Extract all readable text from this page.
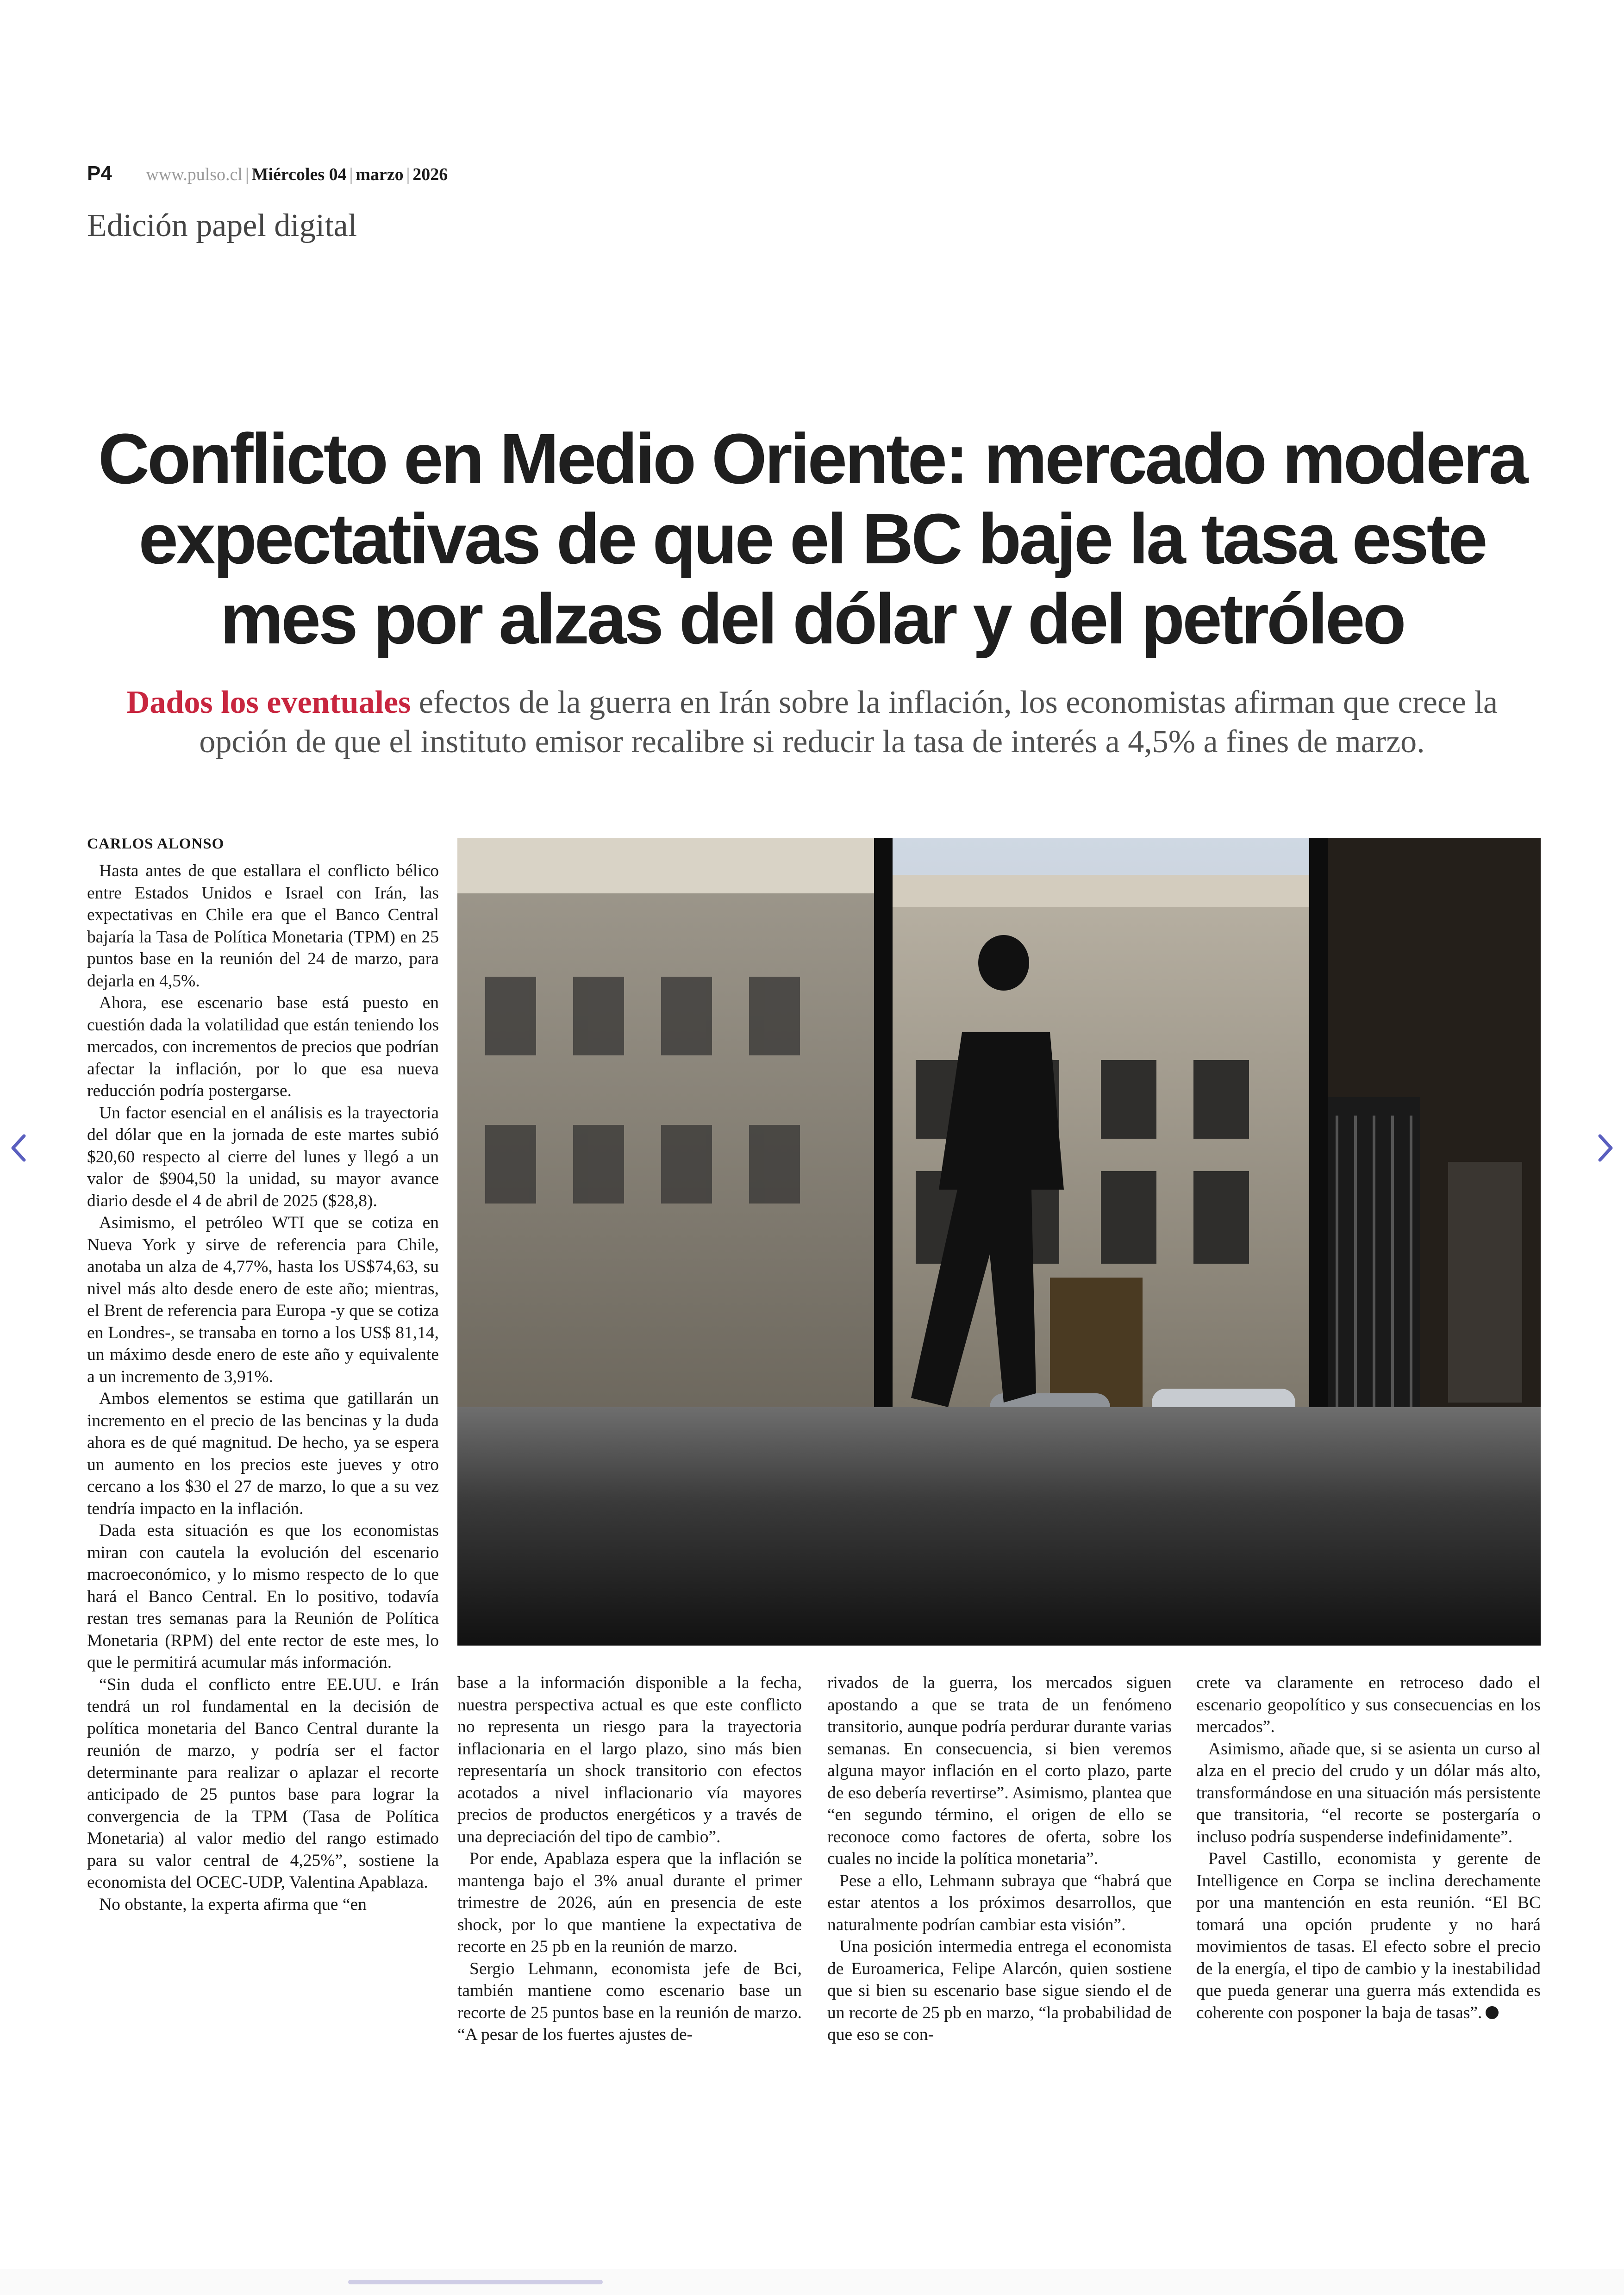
P4 www.pulso.cl | Miércoles 04 | marzo | 2026
Edición papel digital
Conflicto en Medio Oriente: mercado modera
expectativas de que el BC baje la tasa este
mes por alzas del dólar y del petróleo
Dados los eventuales efectos de la guerra en Irán sobre la inflación, los economistas afirman que crece la opción de que el instituto emisor recalibre si reducir la tasa de interés a 4,5% a fines de marzo.
CARLOS ALONSO

Hasta antes de que estallara el conflicto bélico entre Estados Unidos e Israel con Irán, las expectativas en Chile era que el Banco Central bajaría la Tasa de Política Monetaria (TPM) en 25 puntos base en la reunión del 24 de marzo, para dejarla en 4,5%.

Ahora, ese escenario base está puesto en cuestión dada la volatilidad que están teniendo los mercados, con incrementos de precios que podrían afectar la inflación, por lo que esa nueva reducción podría postergarse.

Un factor esencial en el análisis es la trayectoria del dólar que en la jornada de este martes subió $20,60 respecto al cierre del lunes y llegó a un valor de $904,50 la unidad, su mayor avance diario desde el 4 de abril de 2025 ($28,8).

Asimismo, el petróleo WTI que se cotiza en Nueva York y sirve de referencia para Chile, anotaba un alza de 4,77%, hasta los US$74,63, su nivel más alto desde enero de este año; mientras, el Brent de referencia para Europa -y que se cotiza en Londres-, se transaba en torno a los US$ 81,14, un máximo desde enero de este año y equivalente a un incremento de 3,91%.

Ambos elementos se estima que gatillarán un incremento en el precio de las bencinas y la duda ahora es de qué magnitud. De hecho, ya se espera un aumento en los precios este jueves y otro cercano a los $30 el 27 de marzo, lo que a su vez tendría impacto en la inflación.

Dada esta situación es que los economistas miran con cautela la evolución del escenario macroeconómico, y lo mismo respecto de lo que hará el Banco Central. En lo positivo, todavía restan tres semanas para la Reunión de Política Monetaria (RPM) del ente rector de este mes, lo que le permitirá acumular más información.

“Sin duda el conflicto entre EE.UU. e Irán tendrá un rol fundamental en la decisión de política monetaria del Banco Central durante la reunión de marzo, y podría ser el factor determinante para realizar o aplazar el recorte anticipado de 25 puntos base para lograr la convergencia de la TPM (Tasa de Política Monetaria) al valor medio del rango estimado para su valor central de 4,25%”, sostiene la economista del OCEC-UDP, Valentina Apablaza.

No obstante, la experta afirma que “en

base a la información disponible a la fecha, nuestra perspectiva actual es que este conflicto no representa un riesgo para la trayectoria inflacionaria en el largo plazo, sino más bien representaría un shock transitorio con efectos acotados a nivel inflacionario vía mayores precios de productos energéticos y a través de una depreciación del tipo de cambio”.

Por ende, Apablaza espera que la inflación se mantenga bajo el 3% anual durante el primer trimestre de 2026, aún en presencia de este shock, por lo que mantiene la expectativa de recorte en 25 pb en la reunión de marzo.

Sergio Lehmann, economista jefe de Bci, también mantiene como escenario base un recorte de 25 puntos base en la reunión de marzo. “A pesar de los fuertes ajustes de-

rivados de la guerra, los mercados siguen apostando a que se trata de un fenómeno transitorio, aunque podría perdurar durante varias semanas. En consecuencia, si bien veremos alguna mayor inflación en el corto plazo, parte de eso debería revertirse”. Asimismo, plantea que “en segundo término, el origen de ello se reconoce como factores de oferta, sobre los cuales no incide la política monetaria”.

Pese a ello, Lehmann subraya que “habrá que estar atentos a los próximos desarrollos, que naturalmente podrían cambiar esta visión”.

Una posición intermedia entrega el economista de Euroamerica, Felipe Alarcón, quien sostiene que si bien su escenario base sigue siendo el de un recorte de 25 pb en marzo, “la probabilidad de que eso se con-

crete va claramente en retroceso dado el escenario geopolítico y sus consecuencias en los mercados”.

Asimismo, añade que, si se asienta un curso al alza en el precio del crudo y un dólar más alto, transformándose en una situación más persistente que transitoria, “el recorte se postergaría o incluso podría suspenderse indefinidamente”.

Pavel Castillo, economista y gerente de Intelligence en Corpa se inclina derechamente por una mantención en esta reunión. “El BC tomará una opción prudente y no hará movimientos de tasas. El efecto sobre el precio de la energía, el tipo de cambio y la inestabilidad que pueda generar una guerra más extendida es coherente con posponer la baja de tasas”.
